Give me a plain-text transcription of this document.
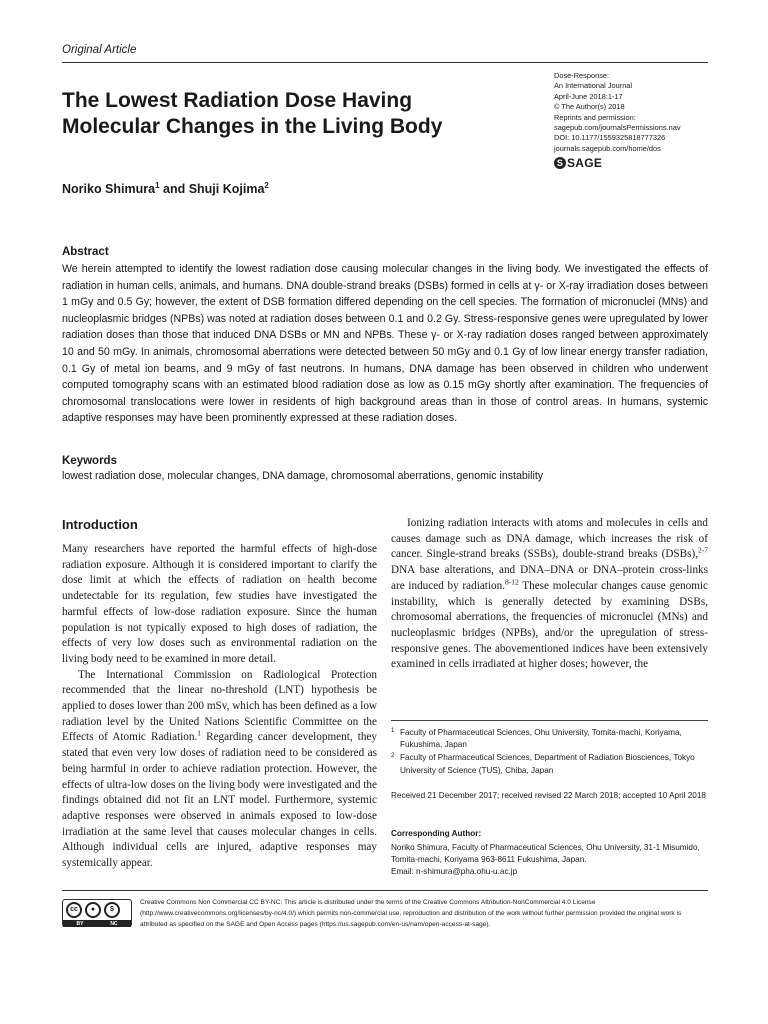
Original Article
The Lowest Radiation Dose Having
Molecular Changes in the Living Body
Dose-Response:
An International Journal
April-June 2018:1-17
© The Author(s) 2018
Reprints and permission:
sagepub.com/journalsPermissions.nav
DOI: 10.1177/1559325818777326
journals.sagepub.com/home/dos
S SAGE
Noriko Shimura$^1$ and Shuji Kojima$^2$
Abstract

We herein attempted to identify the lowest radiation dose causing molecular changes in the living body. We investigated the effects of radiation in human cells, animals, and humans. DNA double-strand breaks (DSBs) formed in cells at γ- or X-ray irradiation doses between 1 mGy and 0.5 Gy; however, the extent of DSB formation differed depending on the cell species. The formation of micronuclei (MNs) and nucleoplasmic bridges (NPBs) was noted at radiation doses between 0.1 and 0.2 Gy. Stress-responsive genes were upregulated by lower radiation doses than those that induced DNA DSBs or MN and NPBs. These γ- or X-ray radiation doses ranged between approximately 10 and 50 mGy. In animals, chromosomal aberrations were detected between 50 mGy and 0.1 Gy of low linear energy transfer radiation, 0.1 Gy of metal ion beams, and 9 mGy of fast neutrons. In humans, DNA damage has been observed in children who underwent computed tomography scans with an estimated blood radiation dose as low as 0.15 mGy shortly after examination. The frequencies of chromosomal translocations were lower in residents of high background areas than in those of control areas. In humans, systemic adaptive responses may have been prominently expressed at these radiation doses.

Keywords
lowest radiation dose, molecular changes, DNA damage, chromosomal aberrations, genomic instability
Introduction

Many researchers have reported the harmful effects of high-dose radiation exposure. Although it is considered important to clarify the dose limit at which the effects of radiation on health become undetectable for its regulation, few studies have investigated the harmful effects of low-dose radiation exposure. Since the human population is not typically exposed to high doses of radiation, the effects of very low doses such as environmental radiation on the living body need to be examined in more detail.

The International Commission on Radiological Protection recommended that the linear no-threshold (LNT) hypothesis be applied to doses lower than 200 mSv, which has been defined as a low radiation level by the United Nations Scientific Committee on the Effects of Atomic Radiation.$^1$ Regarding cancer development, they stated that even very low doses of radiation need to be considered as being harmful in order to achieve radiation protection. However, the effects of ultra-low doses on the living body were investigated and the findings obtained did not fit an LNT model. Furthermore, systemic adaptive responses were observed in animals exposed to low-dose irradiation at the same level that causes molecular changes in cells. Although individual cells are injured, adaptive responses may systemically appear.

Ionizing radiation interacts with atoms and molecules in cells and causes damage such as DNA damage, which increases the risk of cancer. Single-strand breaks (SSBs), double-strand breaks (DSBs),$^{2-7}$ DNA base alterations, and DNA–DNA or DNA–protein cross-links are induced by radiation.$^{8-12}$ These molecular changes cause genomic instability, which is generally detected by examining DSBs, chromosomal aberrations, the frequencies of micronuclei (MNs) and nucleoplasmic bridges (NPBs), and/or the upregulation of stress-responsive genes. The abovementioned indices have been extensively examined in cells irradiated at higher doses; however, the

1 Faculty of Pharmaceutical Sciences, Ohu University, Tomita-machi, Koriyama, Fukushima, Japan
2 Faculty of Pharmaceutical Sciences, Department of Radiation Biosciences, Tokyo University of Science (TUS), Chiba, Japan
Received 21 December 2017; received revised 22 March 2018; accepted 10 April 2018
Corresponding Author:
Noriko Shimura, Faculty of Pharmaceutical Sciences, Ohu University, 31-1 Misumido, Tomita-machi, Koriyama 963-8611 Fukushima, Japan.
Email: n-shimura@pha.ohu-u.ac.jp
cc	●	$
BY	NC
Creative Commons Non Commercial CC BY-NC: This article is distributed under the terms of the Creative Commons Attribution-NonCommercial 4.0 License (http://www.creativecommons.org/licenses/by-nc/4.0/) which permits non-commercial use, reproduction and distribution of the work without further permission provided the original work is attributed as specified on the SAGE and Open Access pages (https://us.sagepub.com/en-us/nam/open-access-at-sage).
